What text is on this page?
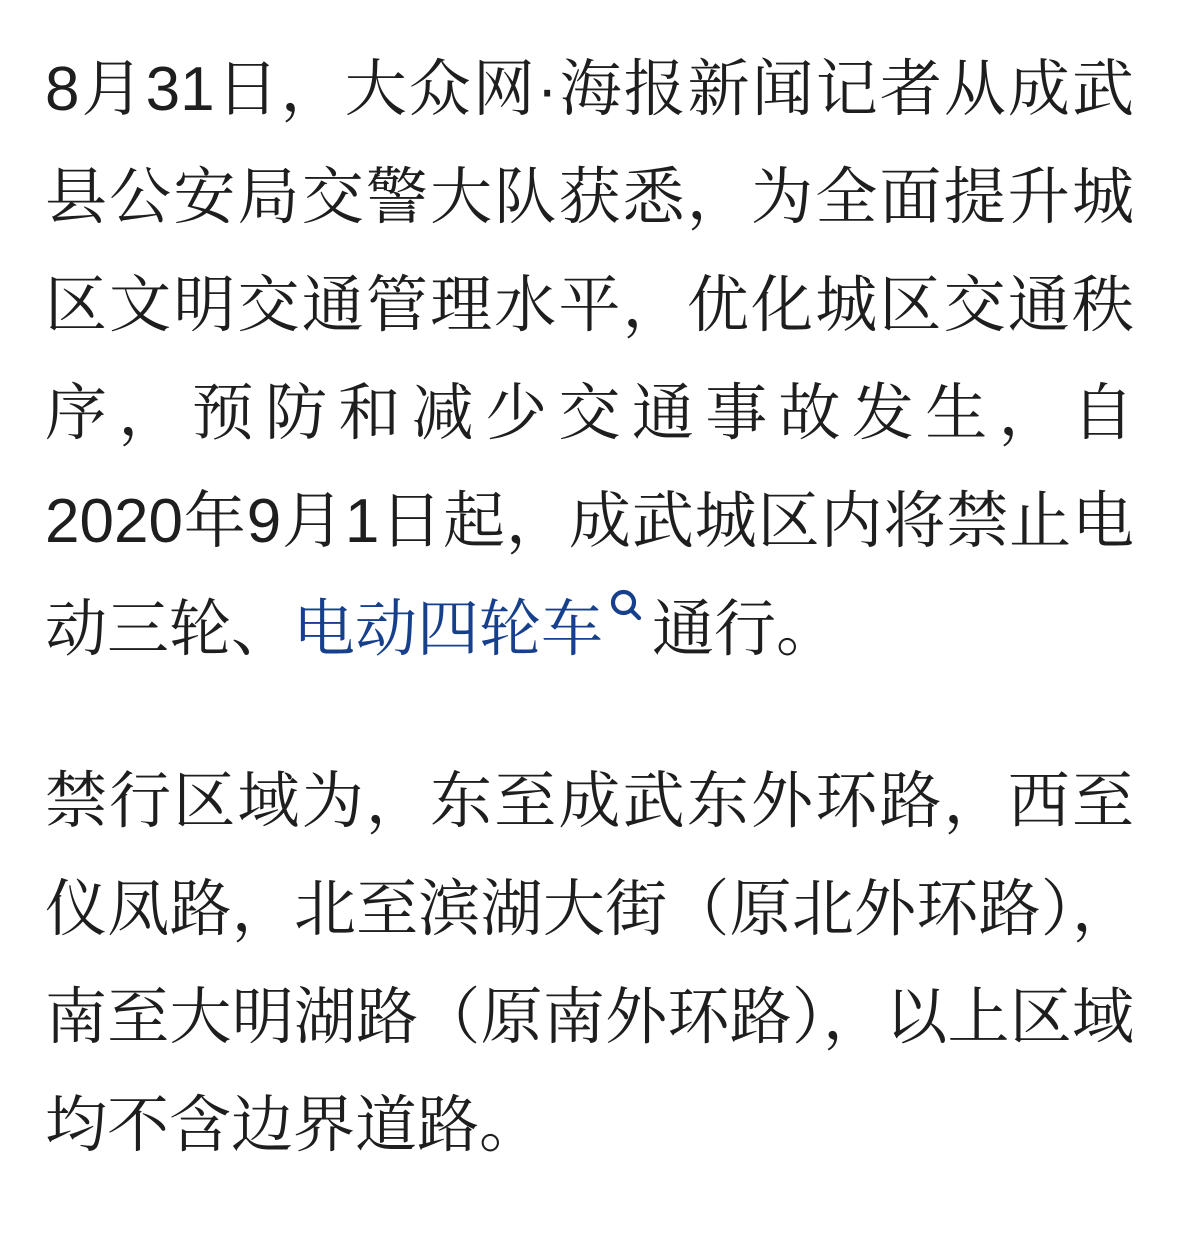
8月31日，大众网·海报新闻记者从成武县公安局交警大队获悉，为全面提升城区文明交通管理水平，优化城区交通秩序，预防和减少交通事故发生，自2020年9月1日起，成武城区内将禁止电动三轮、电动四轮车 通行。

禁行区域为，东至成武东外环路，西至仪凤路，北至滨湖大街（原北外环路），南至大明湖路（原南外环路），以上区域均不含边界道路。
